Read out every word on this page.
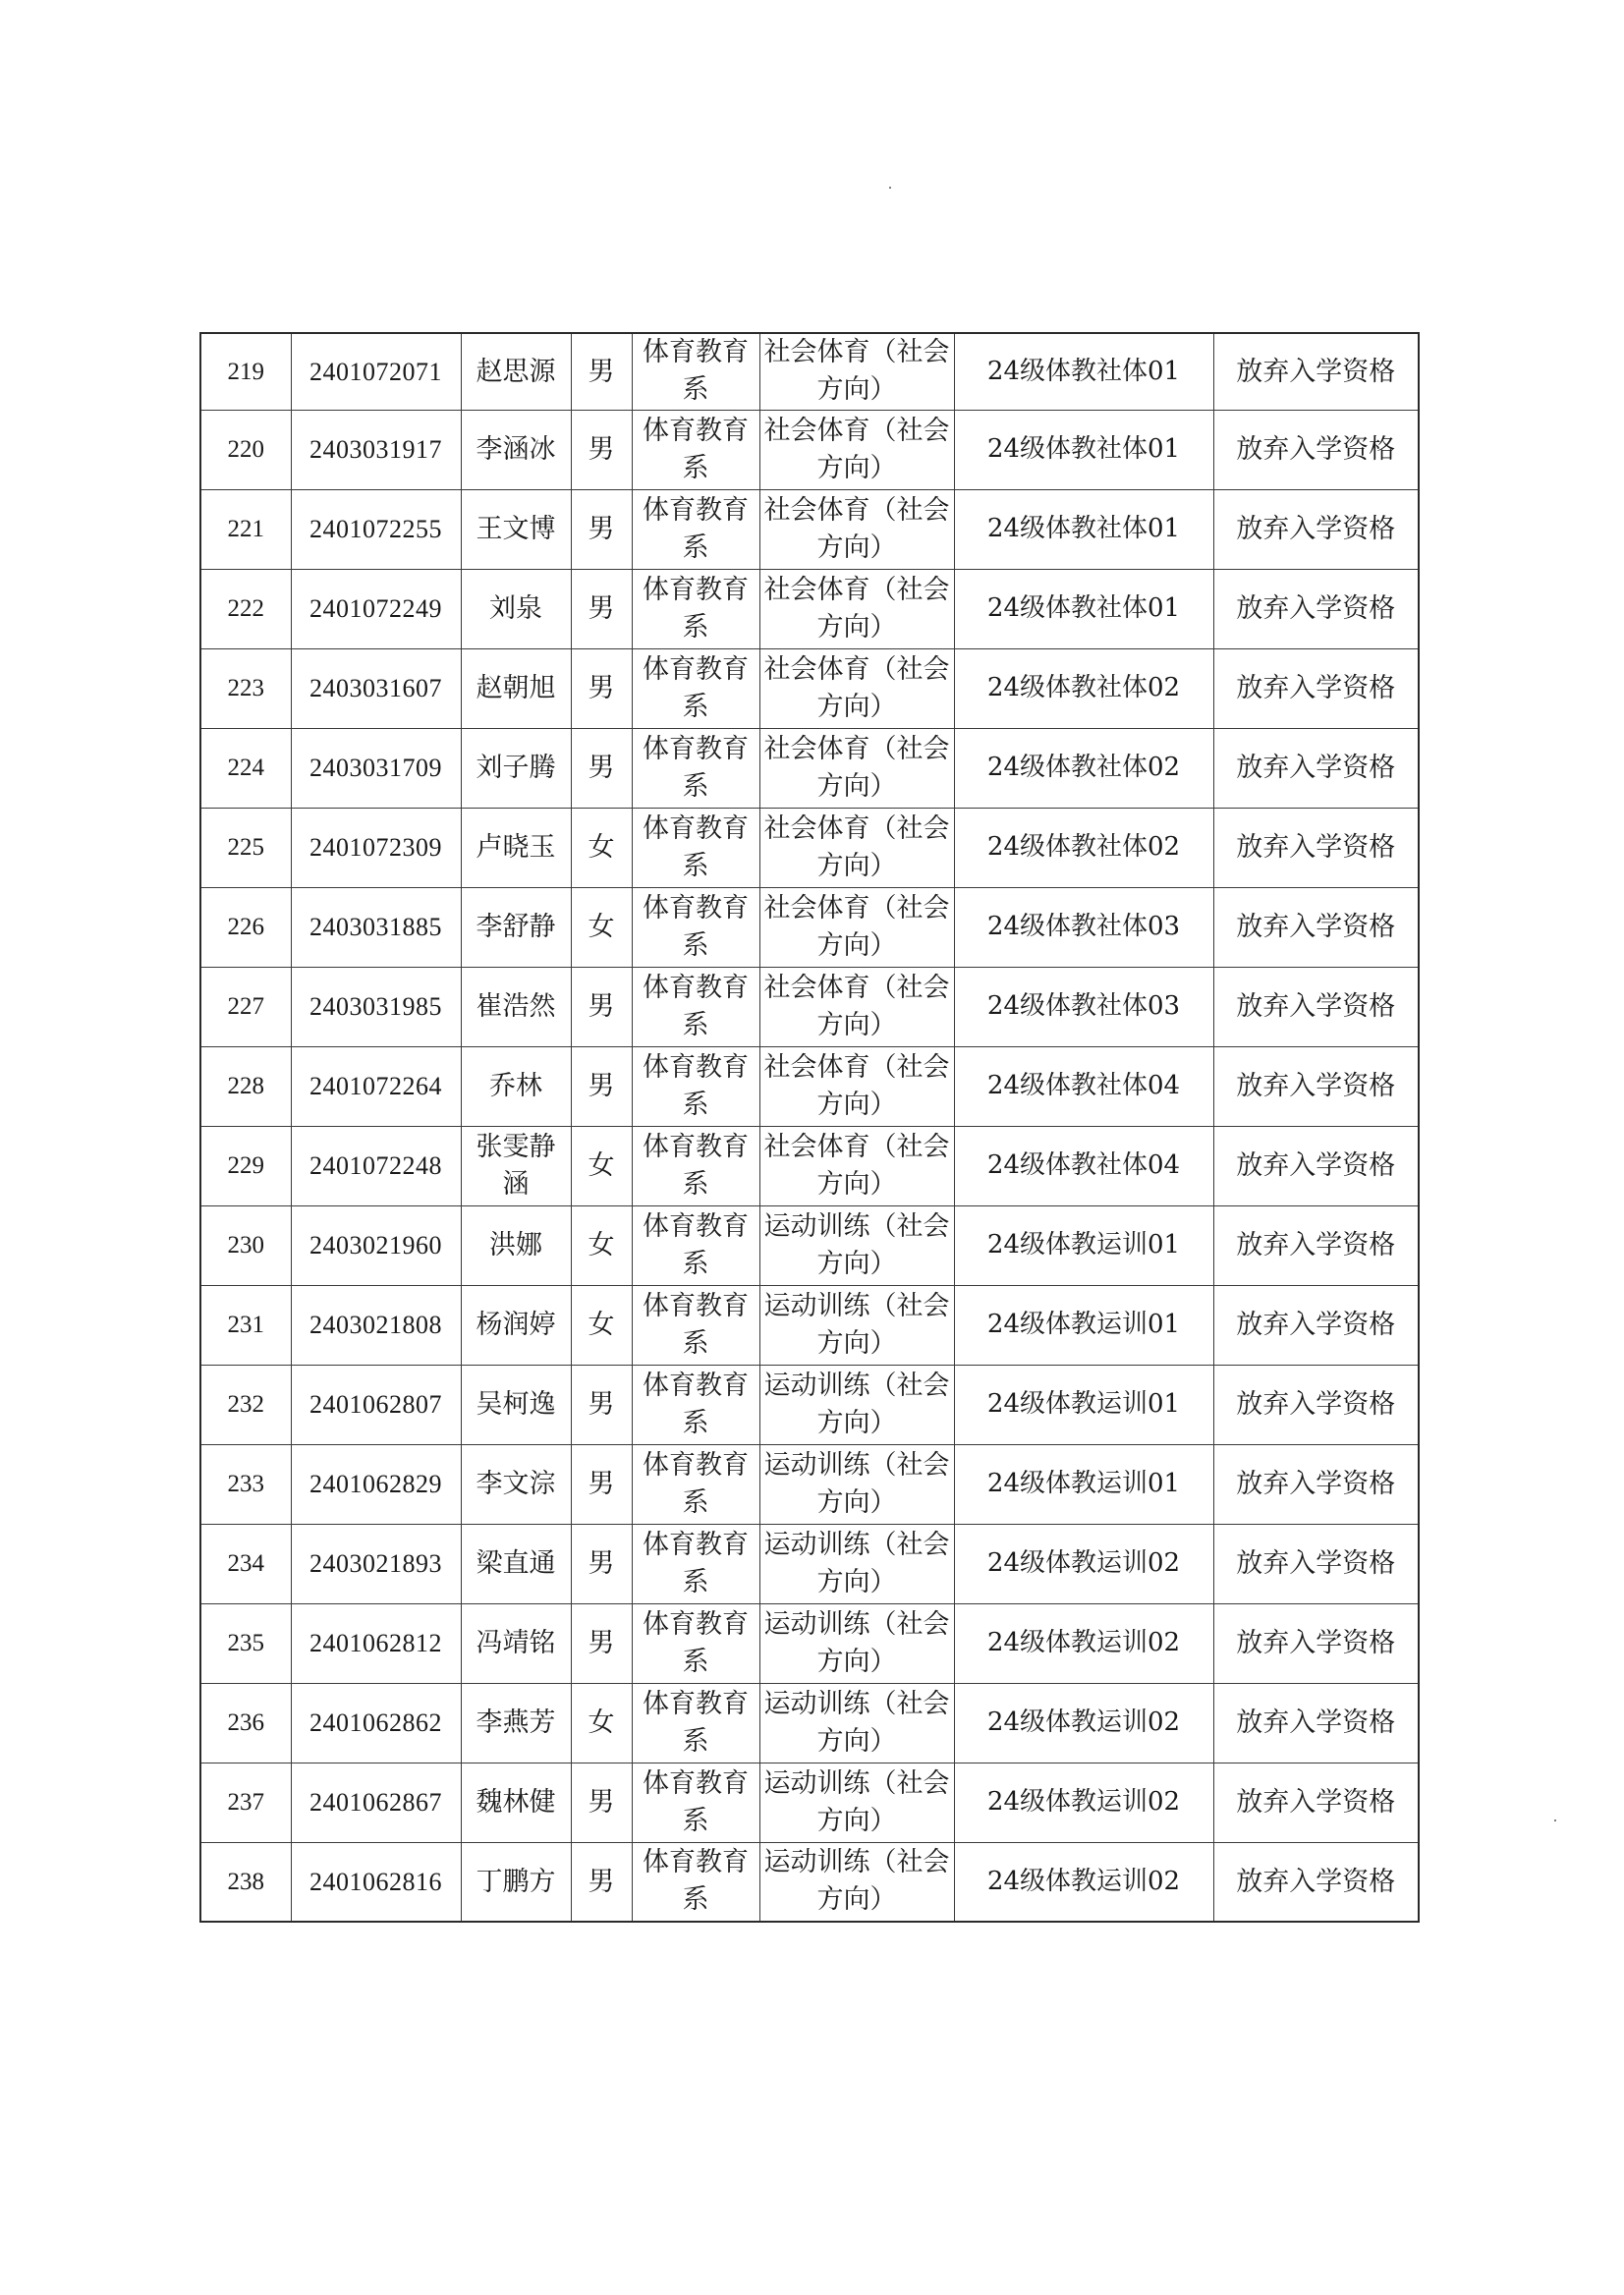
219	2401072071	赵思源	男	体育教育系	社会体育（社会方向）	24级体教社体01	放弃入学资格
220	2403031917	李涵冰	男	体育教育系	社会体育（社会方向）	24级体教社体01	放弃入学资格
221	2401072255	王文博	男	体育教育系	社会体育（社会方向）	24级体教社体01	放弃入学资格
222	2401072249	刘泉	男	体育教育系	社会体育（社会方向）	24级体教社体01	放弃入学资格
223	2403031607	赵朝旭	男	体育教育系	社会体育（社会方向）	24级体教社体02	放弃入学资格
224	2403031709	刘子腾	男	体育教育系	社会体育（社会方向）	24级体教社体02	放弃入学资格
225	2401072309	卢晓玉	女	体育教育系	社会体育（社会方向）	24级体教社体02	放弃入学资格
226	2403031885	李舒静	女	体育教育系	社会体育（社会方向）	24级体教社体03	放弃入学资格
227	2403031985	崔浩然	男	体育教育系	社会体育（社会方向）	24级体教社体03	放弃入学资格
228	2401072264	乔林	男	体育教育系	社会体育（社会方向）	24级体教社体04	放弃入学资格
229	2401072248	张雯静涵	女	体育教育系	社会体育（社会方向）	24级体教社体04	放弃入学资格
230	2403021960	洪娜	女	体育教育系	运动训练（社会方向）	24级体教运训01	放弃入学资格
231	2403021808	杨润婷	女	体育教育系	运动训练（社会方向）	24级体教运训01	放弃入学资格
232	2401062807	吴柯逸	男	体育教育系	运动训练（社会方向）	24级体教运训01	放弃入学资格
233	2401062829	李文淙	男	体育教育系	运动训练（社会方向）	24级体教运训01	放弃入学资格
234	2403021893	梁直通	男	体育教育系	运动训练（社会方向）	24级体教运训02	放弃入学资格
235	2401062812	冯靖铭	男	体育教育系	运动训练（社会方向）	24级体教运训02	放弃入学资格
236	2401062862	李燕芳	女	体育教育系	运动训练（社会方向）	24级体教运训02	放弃入学资格
237	2401062867	魏林健	男	体育教育系	运动训练（社会方向）	24级体教运训02	放弃入学资格
238	2401062816	丁鹏方	男	体育教育系	运动训练（社会方向）	24级体教运训02	放弃入学资格
